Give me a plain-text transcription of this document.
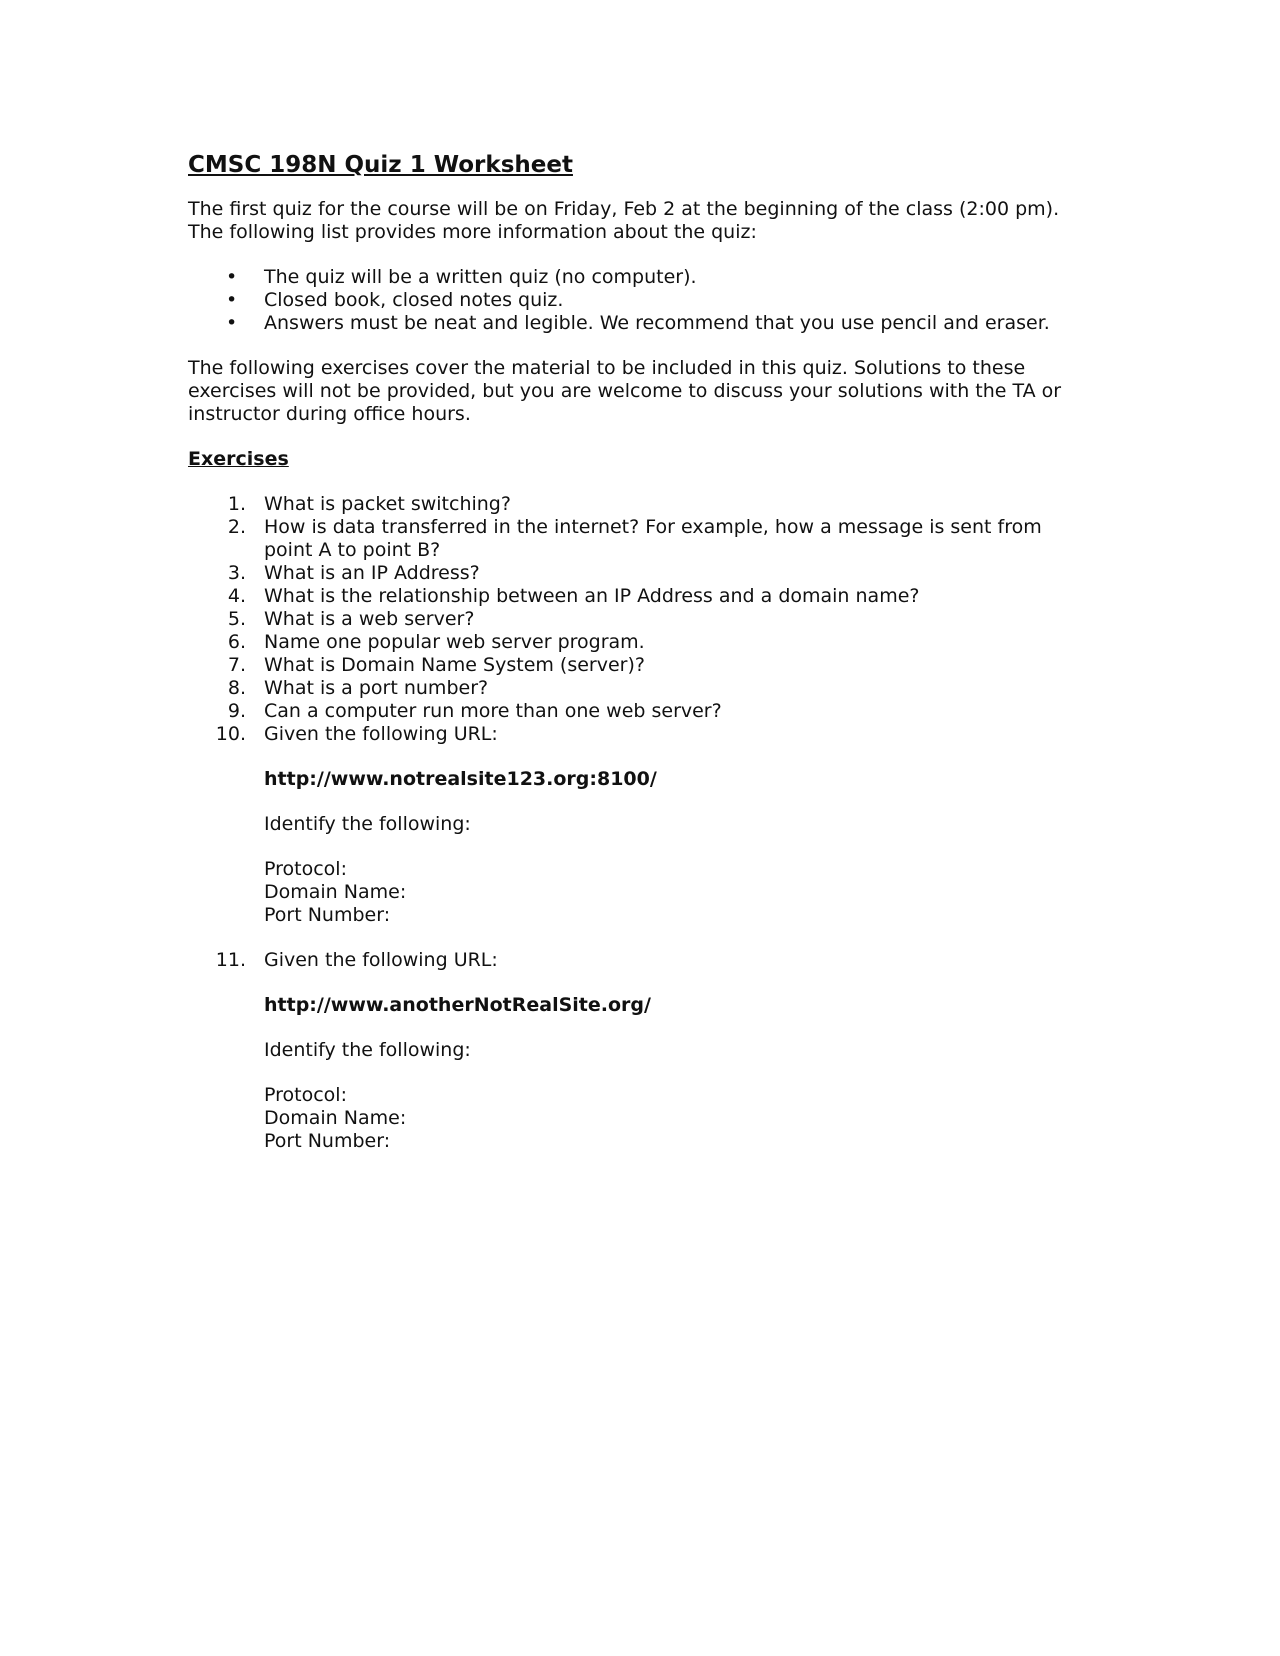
CMSC 198N Quiz 1 Worksheet
The first quiz for the course will be on Friday, Feb 2 at the beginning of the class (2:00 pm).
The following list provides more information about the quiz:
• The quiz will be a written quiz (no computer).
• Closed book, closed notes quiz.
• Answers must be neat and legible. We recommend that you use pencil and eraser.
The following exercises cover the material to be included in this quiz. Solutions to these
exercises will not be provided, but you are welcome to discuss your solutions with the TA or
instructor during office hours.
Exercises
1. What is packet switching?
2. How is data transferred in the internet? For example, how a message is sent from
point A to point B?
3. What is an IP Address?
4. What is the relationship between an IP Address and a domain name?
5. What is a web server?
6. Name one popular web server program.
7. What is Domain Name System (server)?
8. What is a port number?
9. Can a computer run more than one web server?
10. Given the following URL:
http://www.notrealsite123.org:8100/
Identify the following:
Protocol:
Domain Name:
Port Number:
11. Given the following URL:
http://www.anotherNotRealSite.org/
Identify the following:
Protocol:
Domain Name:
Port Number:
